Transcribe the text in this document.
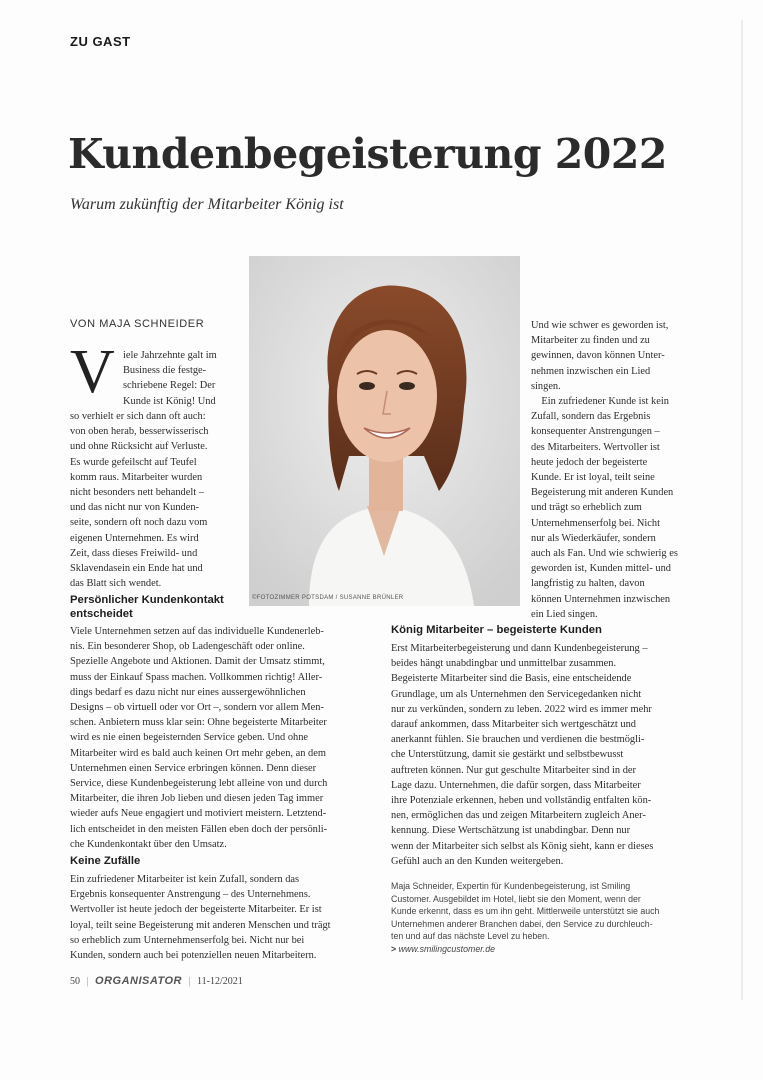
ZU GAST
Kundenbegeisterung 2022
Warum zukünftig der Mitarbeiter König ist
VON MAJA SCHNEIDER
©FOTOZIMMER POTSDAM / SUSANNE BRÜNLER
V iele Jahrzehnte galt im
Business die festge-
schriebene Regel: Der
Kunde ist König! Und
so verhielt er sich dann oft auch:
von oben herab, besserwisserisch
und ohne Rücksicht auf Verluste.
Es wurde gefeilscht auf Teufel
komm raus. Mitarbeiter wurden
nicht besonders nett behandelt –
und das nicht nur von Kunden-
seite, sondern oft noch dazu vom
eigenen Unternehmen. Es wird
Zeit, dass dieses Freiwild- und
Sklavendasein ein Ende hat und
das Blatt sich wendet.
Persönlicher Kundenkontakt
entscheidet
Viele Unternehmen setzen auf das individuelle Kundenerleb-
nis. Ein besonderer Shop, ob Ladengeschäft oder online.
Spezielle Angebote und Aktionen. Damit der Umsatz stimmt,
muss der Einkauf Spass machen. Vollkommen richtig! Aller-
dings bedarf es dazu nicht nur eines aussergewöhnlichen
Designs – ob virtuell oder vor Ort –, sondern vor allem Men-
schen. Anbietern muss klar sein: Ohne begeisterte Mitarbeiter
wird es nie einen begeisternden Service geben. Und ohne
Mitarbeiter wird es bald auch keinen Ort mehr geben, an dem
Unternehmen einen Service erbringen können. Denn dieser
Service, diese Kundenbegeisterung lebt alleine von und durch
Mitarbeiter, die ihren Job lieben und diesen jeden Tag immer
wieder aufs Neue engagiert und motiviert meistern. Letztend-
lich entscheidet in den meisten Fällen eben doch der persönli-
che Kundenkontakt über den Umsatz.
Keine Zufälle
Ein zufriedener Mitarbeiter ist kein Zufall, sondern das
Ergebnis konsequenter Anstrengung – des Unternehmens.
Wertvoller ist heute jedoch der begeisterte Mitarbeiter. Er ist
loyal, teilt seine Begeisterung mit anderen Menschen und trägt
so erheblich zum Unternehmenserfolg bei. Nicht nur bei
Kunden, sondern auch bei potenziellen neuen Mitarbeitern.
Und wie schwer es geworden ist,
Mitarbeiter zu finden und zu
gewinnen, davon können Unter-
nehmen inzwischen ein Lied
singen.
Ein zufriedener Kunde ist kein
Zufall, sondern das Ergebnis
konsequenter Anstrengungen –
des Mitarbeiters. Wertvoller ist
heute jedoch der begeisterte
Kunde. Er ist loyal, teilt seine
Begeisterung mit anderen Kunden
und trägt so erheblich zum
Unternehmenserfolg bei. Nicht
nur als Wiederkäufer, sondern
auch als Fan. Und wie schwierig es
geworden ist, Kunden mittel- und
langfristig zu halten, davon
können Unternehmen inzwischen
ein Lied singen.
König Mitarbeiter – begeisterte Kunden
Erst Mitarbeiterbegeisterung und dann Kundenbegeisterung –
beides hängt unabdingbar und unmittelbar zusammen.
Begeisterte Mitarbeiter sind die Basis, eine entscheidende
Grundlage, um als Unternehmen den Servicegedanken nicht
nur zu verkünden, sondern zu leben. 2022 wird es immer mehr
darauf ankommen, dass Mitarbeiter sich wertgeschätzt und
anerkannt fühlen. Sie brauchen und verdienen die bestmögli-
che Unterstützung, damit sie gestärkt und selbstbewusst
auftreten können. Nur gut geschulte Mitarbeiter sind in der
Lage dazu. Unternehmen, die dafür sorgen, dass Mitarbeiter
ihre Potenziale erkennen, heben und vollständig entfalten kön-
nen, ermöglichen das und zeigen Mitarbeitern zugleich Aner-
kennung. Diese Wertschätzung ist unabdingbar. Denn nur
wenn der Mitarbeiter sich selbst als König sieht, kann er dieses
Gefühl auch an den Kunden weitergeben.
Maja Schneider, Expertin für Kundenbegeisterung, ist Smiling
Customer. Ausgebildet im Hotel, liebt sie den Moment, wenn der
Kunde erkennt, dass es um ihn geht. Mittlerweile unterstützt sie auch
Unternehmen anderer Branchen dabei, den Service zu durchleuch-
ten und auf das nächste Level zu heben.
> www.smilingcustomer.de
50 | ORGANISATOR | 11-12/2021
